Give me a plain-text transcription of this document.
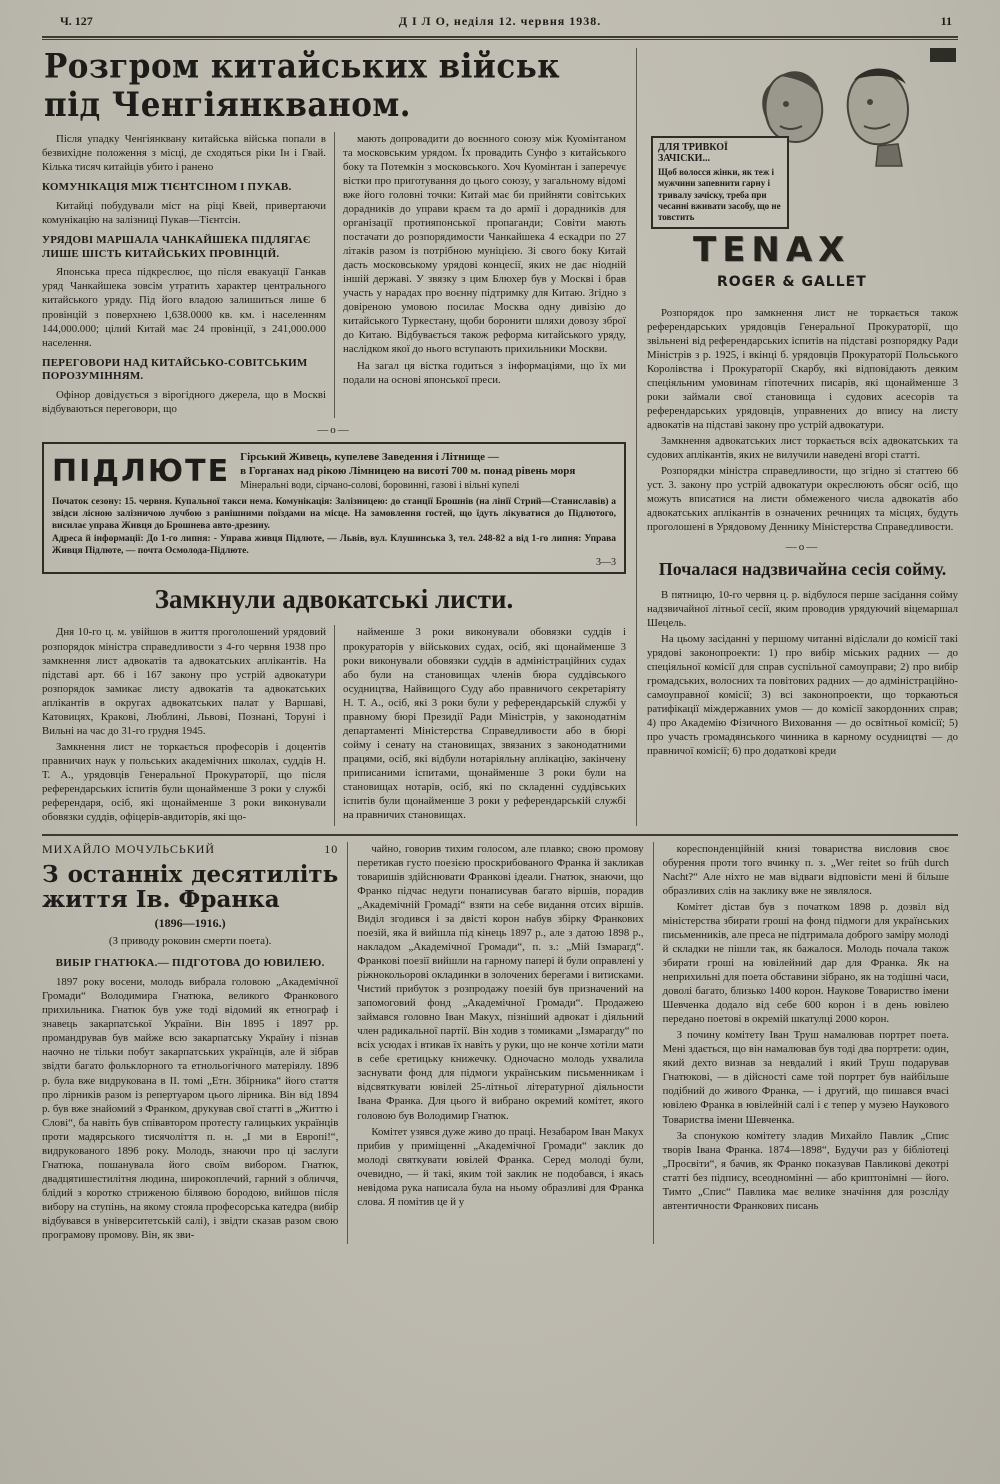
Ч. 127	Д І Л О, неділя 12. червня 1938.	11
Розгром китайських військ під Ченгіянкваном.

Після упадку Ченгіянквану китайська війська попали в безвихідне положення з місці, де сходяться ріки Ін і Гвай. Кілька тисяч китайців убито і ранено

КОМУНІКАЦІЯ МІЖ ТІЄНТСІНОМ І ПУКАВ.

Китайці побудували міст на ріці Квей, привертаючи комунікацію на залізниці Пукав—Тієнтсін.

УРЯДОВІ МАРШАЛА ЧАНКАЙШЕКА ПІДЛЯГАЄ ЛИШЕ ШІСТЬ КИТАЙСЬКИХ ПРОВІНЦІЙ.

Японська преса підкреслює, що після евакуації Ганкав уряд Чанкайшека зовсім утратить характер центрального китайського уряду. Під його владою залишиться лише 6 провінцій з поверхнею 1,638.0000 кв. км. і населенням 144,000.000; цілий Китай має 24 провінції, з 241,000.000 населення.

ПЕРЕГОВОРИ НАД КИТАЙСЬКО-СОВІТСЬКИМ ПОРОЗУМІННЯМ.

Офінор довідується з вірогідного джерела, що в Москві відбуваються переговори, що

мають допровадити до воєнного союзу між Куомінтаном та московським урядом. Їх провадить Сунфо з китайського боку та Потемкін з московського. Хоч Куомінтан і заперечує вістки про приготування до цього союзу, у загальному відомі вже його головні точки: Китай має би прийняти совітських дорадників до управи краєм та до армії і дорадників для організації протияпонської пропаганди; Совіти мають постачати до розпорядимости Чанкайшека 4 ескадри по 27 літаків разом із потрібною муніцією. Зі свого боку Китай дасть московському урядові концесії, яких не дає ніодній іншій державі. У звязку з цим Блюхер був у Москві і брав участь у нарадах про воєнну підтримку для Китаю. Згідно з довіреною умовою посилає Москва одну дивізію до китайського Туркестану, щоби боронити шляхи довозу зброї до Китаю. Відбувається також реформа китайського уряду, наслідком якої до нього вступають прихильники Москви.

На загал ця вістка годиться з інформаціями, що їх ми подали на основі японської преси.

—о—
ПІДЛЮТЕ Гірський Живець, купелеве Заведення і Літнище —
в Горганах над рікою Лімницею на висоті 700 м. понад рівень моря
Мінеральні води, сірчано-солові, боровинні, газові і вільні купелі
Початок сезону: 15. червня. Купальної такси нема. Комунікація: Залізницею: до станції Брошнів (на лінії Стрий—Станиславів) а звідси лісною залізничою лучбою з ранішними поїздами на місце. На замовлення гостей, що їдуть лікуватися до Підлютого, висилає управа Живця до Брошнева авто-дрезину.
Адреса й інформації: До 1-го липня: - Управа живця Підлюте, — Львів, вул. Клушинська 3, тел. 248-82 а від 1-го липня: Управа Живця Підлюте, — почта Осмолода-Підлюте.
3—3
Замкнули адвокатські листи.

Дня 10-го ц. м. увійшов в життя проголошений урядовий розпорядок міністра справедливости з 4-го червня 1938 про замкнення лист адвокатів та адвокатських аплікантів. На підставі арт. 66 і 167 закону про устрій адвокатури розпорядок замикає листу адвокатів та адвокатських аплікантів в округах адвокатських палат у Варшаві, Катовицях, Кракові, Люблині, Львові, Познані, Торуні і Вильні на час до 31-го грудня 1945.

Замкнення лист не торкається професорів і доцентів правничих наук у польських академічних школах, суддів Н. Т. А., урядовців Генеральної Прокураторії, що після референдарських іспитів були щонайменше 3 роки у службі референдаря, осіб, які щонайменше 3 роки виконували обовязки суддів, офіцерів-авдиторів, які що-

найменше 3 роки виконували обовязки суддів і прокураторів у військових судах, осіб, які щонайменше 3 роки виконували обовязки суддів в адміністраційних судах або були на становищах членів бюра суддівського осудництва, Найвищого Суду або правничого секретаріяту Н. Т. А., осіб, які 3 роки були у референдарській службі у правному бюрі Президії Ради Міністрів, у законодатнім департаменті Міністерства Справедливости або в бюрі сойму і сенату на становищах, звязаних з законодатними працями, осіб, які відбули нотаріяльну аплікацію, закінчену приписаними іспитами, щонайменше 3 роки були на становищах нотарів, осіб, які по складенні суддівських іспитів були щонайменше 3 роки у референдарській службі на правничих становищах.

ДЛЯ ТРИВКОЇ ЗАЧІСКИ...
Щоб волосся жінки, як теж і мужчини запевнити гарну і тривалу зачіску, треба при чесанні вживати засобу, що не товстить
TENAX
ROGER & GALLET

Розпорядок про замкнення лист не торкається також референдарських урядовців Генеральної Прокураторії, що звільнені від референдарських іспитів на підставі розпорядку Ради Міністрів з р. 1925, і вкінці б. урядовців Прокураторії Польського Королівства і Прокураторії Скарбу, які відповідають деяким спеціяльним умовинам гіпотечних писарів, які щонайменше 3 роки займали свої становища і судових асесорів та референдарських урядовців, управнених до впису на листу адвокатів на підставі закону про устрій адвокатури.

Замкнення адвокатських лист торкається всіх адвокатських та судових аплікантів, яких не вилучили наведені вгорі статті.

Розпорядки міністра справедливости, що згідно зі статтею 66 уст. 3. закону про устрій адвокатури окреслюють обсяг осіб, що можуть вписатися на листи обмеженого числа адвокатів або адвокатських аплікантів в означених речницях та місцях, будуть проголошені в Урядовому Деннику Міністерства Справедливости.

—о—
Почалася надзвичайна сесія сойму.

В пятницю, 10-го червня ц. р. відбулося перше засідання сойму надзвичайної літньої сесії, яким проводив урядуючий віцемаршал Шецель.

На цьому засіданні у першому читанні відіслали до комісії такі урядові законопроекти: 1) про вибір міських радних — до спеціяльної комісії для справ суспільної самоуправи; 2) про вибір громадських, волосних та повітових радних — до адміністраційно-самоуправної комісії; 3) всі законопроекти, що торкаються ратифікації міждержавних умов — до комісії закордонних справ; 4) про Академію Фізичного Виховання — до освітньої комісії; 5) про участь громадянського чинника в карному осудництві — до правничої комісії; 6) про додаткові креди

МИХАЙЛО МОЧУЛЬСЬКИЙ	10
З останніх десятиліть життя Ів. Франка
(1896—1916.)
(З приводу роковин смерти поета).
ВИБІР ГНАТЮКА.— ПІДГОТОВА ДО ЮВИЛЕЮ.

1897 року восени, молодь вибрала головою „Академічної Громади“ Володимира Гнатюка, великого Франкового прихильника. Гнатюк був уже тоді відомий як етнограф і знавець закарпатської України. Він 1895 і 1897 рр. промандрував був майже всю закарпатську Україну і пізнав наочно не тільки побут закарпатських українців, але й зібрав звідти багато фольклорного та етнольогічного матеріялу. 1896 р. була вже видрукована в II. томі „Етн. Збірника“ його стаття про лірників разом із репертуаром цього лірника. Він від 1894 р. був вже знайомий з Франком, друкував свої статті в „Життю і Слові“, ба навіть був співавтором протесту галицьких українців проти мадярського тисячоліття п. н. „І ми в Европі!“, видрукованого 1896 року. Молодь, знаючи про ці заслуги Гнатюка, пошанувала його своїм вибором. Гнатюк, двадцятишестилітня людина, широкоплечий, гарний з обличчя, блідий з коротко стриженою білявою бородою, вийшов після вибору на ступінь, на якому стояла професорська катедра (вибір відбувався в університетській салі), і звідти сказав разом свою програмову промову. Він, як зви-

чайно, говорив тихим голосом, але плавко; свою промову перетикав густо поезією проскрибованого Франка й закликав товаришів здійснювати Франкові ідеали. Гнатюк, знаючи, що Франко підчас недуги понаписував багато віршів, порадив „Академічній Громаді“ взяти на себе видання отсих віршів. Виділ згодився і за двісті корон набув збірку Франкових поезій, яка й вийшла під кінець 1897 р., але з датою 1898 р., накладом „Академічної Громади“, п. з.: „Мій Ізмарагд“. Франкові поезії вийшли на гарному папері й були оправлені у ріжнокольорові окладинки в золочених берегами і витисками. Чистий прибуток з розпродажу поезій був призначений на запомоговий фонд „Академічної Громади“. Продажею займався головно Іван Макух, пізніший адвокат і діяльний член радикальної партії. Він ходив з томиками „Ізмарагду“ по всіх усюдах і втикав їх навіть у руки, що не конче хотіли мати в себе єретицьку книжечку. Одночасно молодь ухвалила заснувати фонд для підмоги українським письменникам і відсвяткувати ювілей 25-літньої літературної діяльности Івана Франка. Для цього й вибрано окремий комітет, якого головою був Володимир Гнатюк.

Комітет узявся дуже живо до праці. Незабаром Іван Макух прибив у приміщенні „Академічної Громади“ заклик до молоді святкувати ювілей Франка. Серед молоді були, очевидно, — й такі, яким той заклик не подобався, і якась невідома рука написала була на ньому образливі для Франка слова. Я помітив це й у

кореспонденційній книзі товариства висловив своє обурення проти того вчинку п. з. „Wer reitet so früh durch Nacht?“ Але ніхто не мав відваги відповісти мені й більше образливих слів на заклику вже не зявлялося.

Комітет дістав був з початком 1898 р. дозвіл від міністерства збирати гроші на фонд підмоги для українських письменників, але преса не підтримала доброго заміру молоді й складки не пішли так, як бажалося. Молодь почала також збирати гроші на ювілейний дар для Франка. Як на неприхильні для поета обставини зібрано, як на тодішні часи, доволі багато, близько 1400 корон. Наукове Товариство імени Шевченка додало від себе 600 корон і в день ювілею передано поетові в окремій шкатулці 2000 корон.

З почину комітету Іван Труш намалював портрет поета. Мені здається, що він намалював був тоді два портрети: один, який дехто визнав за невдалий і який Труш подарував Гнатюкові, — в дійсності саме той портрет був найбільше подібний до живого Франка, — і другий, що пишався вчасі ювілею Франка в ювілейній салі і є тепер у музею Наукового Товариства імени Шевченка.

За спонукою комітету зладив Михайло Павлик „Спис творів Івана Франка. 1874—1898“, Будучи раз у бібліотеці „Просвіти“, я бачив, як Франко показував Павликові декотрі статті без підпису, всеодномінні — або криптонімні — його. Тимто „Спис“ Павлика має велике значіння для розсліду автентичности Франкових писань
